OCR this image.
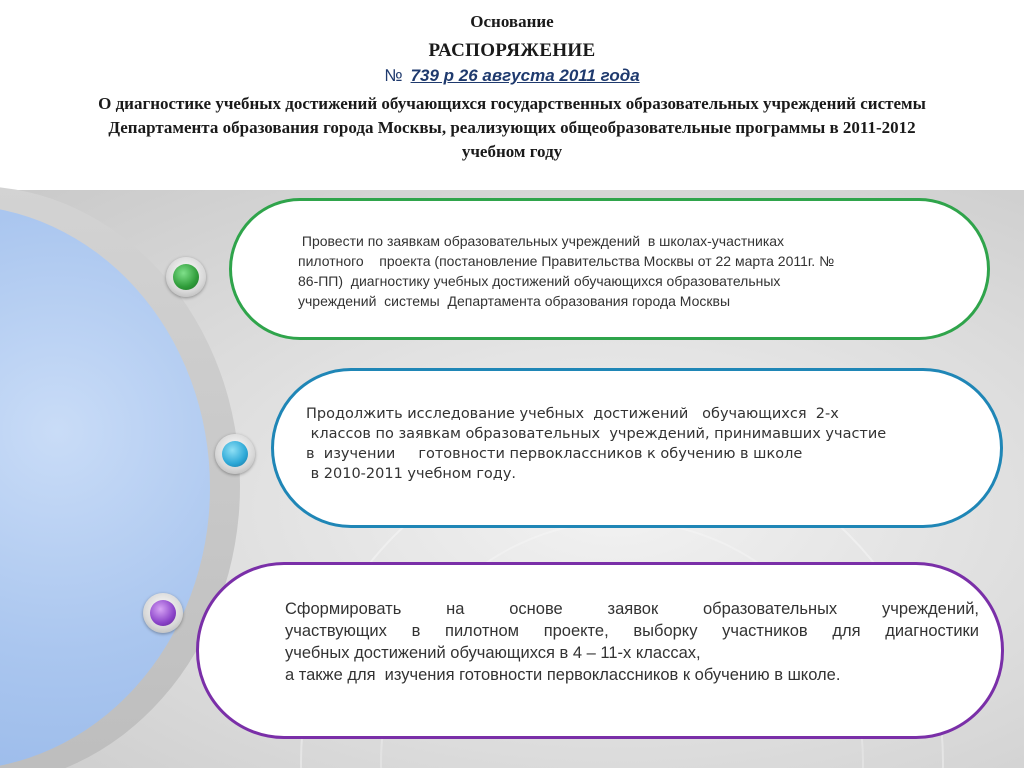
Основание
РАСПОРЯЖЕНИЕ
№ 739 р 26 августа 2011 года
О диагностике учебных достижений обучающихся государственных образовательных учреждений системы
Департамента образования города Москвы, реализующих общеобразовательные программы в 2011-2012
учебном году
Провести по заявкам образовательных учреждений  в школах-участниках
пилотного    проекта (постановление Правительства Москвы от 22 марта 2011г. №
86-ПП)  диагностику учебных достижений обучающихся образовательных
учреждений  системы  Департамента образования города Москвы
Продолжить исследование учебных  достижений   обучающихся  2-х
классов по заявкам образовательных  учреждений, принимавших участие
в  изучении     готовности первоклассников к обучению в школе
в 2010-2011 учебном году.
Сформировать на основе заявок образовательных учреждений,
участвующих в пилотном проекте, выборку участников для диагностики
учебных достижений обучающихся в 4 – 11-х классах,
а также для  изучения готовности первоклассников к обучению в школе.
